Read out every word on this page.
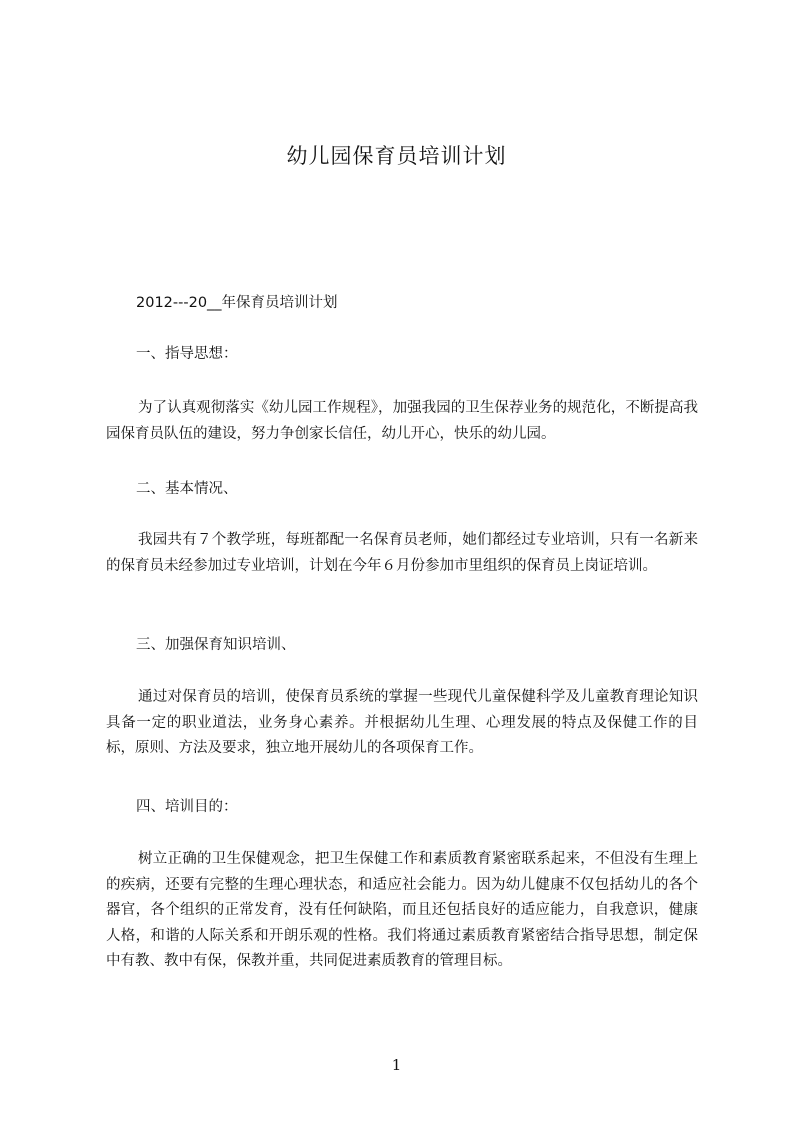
幼儿园保育员培训计划
2012---20__年保育员培训计划
一、指导思想：
为了认真观彻落实《幼儿园工作规程》，加强我园的卫生保荐业务的规范化，不断提高我园保育员队伍的建设，努力争创家长信任，幼儿开心，快乐的幼儿园。
二、基本情况、
我园共有７个教学班，每班都配一名保育员老师，她们都经过专业培训，只有一名新来的保育员未经参加过专业培训，计划在今年６月份参加市里组织的保育员上岗证培训。
三、加强保育知识培训、
通过对保育员的培训，使保育员系统的掌握一些现代儿童保健科学及儿童教育理论知识具备一定的职业道法，业务身心素养。并根据幼儿生理、心理发展的特点及保健工作的目标，原则、方法及要求，独立地开展幼儿的各项保育工作。
四、培训目的：
树立正确的卫生保健观念，把卫生保健工作和素质教育紧密联系起来，不但没有生理上的疾病，还要有完整的生理心理状态，和适应社会能力。因为幼儿健康不仅包括幼儿的各个器官，各个组织的正常发育，没有任何缺陷，而且还包括良好的适应能力，自我意识，健康人格，和谐的人际关系和开朗乐观的性格。我们将通过素质教育紧密结合指导思想，制定保中有教、教中有保，保教并重，共同促进素质教育的管理目标。
1
